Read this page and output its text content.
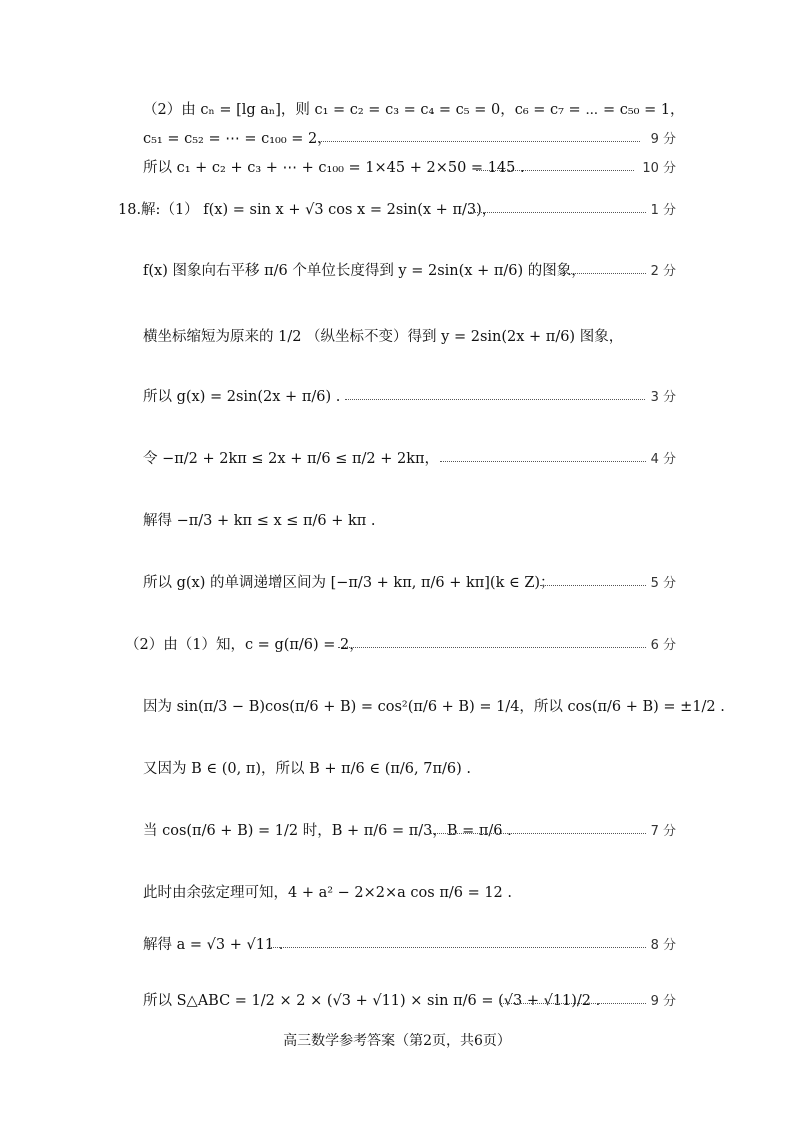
（2）由 cₙ = [lg aₙ]，则 c₁ = c₂ = c₃ = c₄ = c₅ = 0，c₆ = c₇ = ⋯ = c₅₀ = 1，
c₅₁ = c₅₂ = ⋯ = c₁₀₀ = 2，	9 分
所以 c₁ + c₂ + c₃ + ⋯ + c₁₀₀ = 1×45 + 2×50 = 145 .	10 分
18.解:（1） f(x) = sin x + √3 cos x = 2sin(x + π/3)，	1 分
f(x) 图象向右平移 π/6 个单位长度得到 y = 2sin(x + π/6) 的图象，	2 分
横坐标缩短为原来的 1/2 （纵坐标不变）得到 y = 2sin(2x + π/6) 图象，
所以 g(x) = 2sin(2x + π/6) .	3 分
令 −π/2 + 2kπ ≤ 2x + π/6 ≤ π/2 + 2kπ，	4 分
解得 −π/3 + kπ ≤ x ≤ π/6 + kπ .
所以 g(x) 的单调递增区间为 [−π/3 + kπ, π/6 + kπ](k ∈ Z)；	5 分
（2）由（1）知，c = g(π/6) = 2，	6 分
因为 sin(π/3 − B)cos(π/6 + B) = cos²(π/6 + B) = 1/4，所以 cos(π/6 + B) = ±1/2 .
又因为 B ∈ (0, π)，所以 B + π/6 ∈ (π/6, 7π/6) .
当 cos(π/6 + B) = 1/2 时，B + π/6 = π/3，B = π/6 .	7 分
此时由余弦定理可知，4 + a² − 2×2×a cos π/6 = 12 .
解得 a = √3 + √11 .	8 分
所以 S△ABC = 1/2 × 2 × (√3 + √11) × sin π/6 = (√3 + √11)/2 .	9 分
高三数学参考答案（第2页，共6页）
